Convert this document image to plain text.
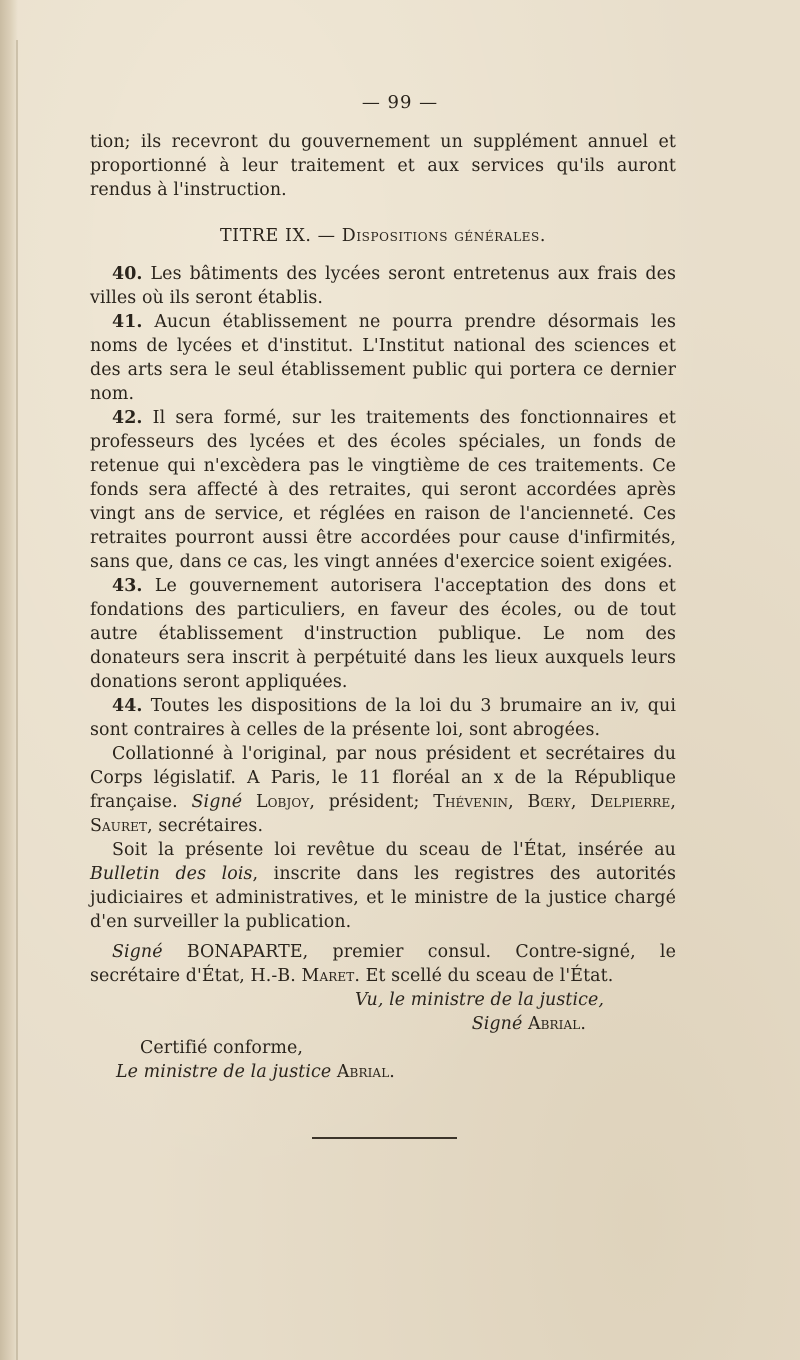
— 99 —

tion; ils recevront du gouvernement un supplément annuel et proportionné à leur traitement et aux services qu'ils auront rendus à l'instruction.

TITRE IX. — Dispositions générales.

40. Les bâtiments des lycées seront entretenus aux frais des villes où ils seront établis.

41. Aucun établissement ne pourra prendre désormais les noms de lycées et d'institut. L'Institut national des sciences et des arts sera le seul établissement public qui portera ce dernier nom.

42. Il sera formé, sur les traitements des fonctionnaires et professeurs des lycées et des écoles spéciales, un fonds de retenue qui n'excèdera pas le vingtième de ces traitements. Ce fonds sera affecté à des retraites, qui seront accordées après vingt ans de service, et réglées en raison de l'ancienneté. Ces retraites pourront aussi être accordées pour cause d'infirmités, sans que, dans ce cas, les vingt années d'exercice soient exigées.

43. Le gouvernement autorisera l'acceptation des dons et fondations des particuliers, en faveur des écoles, ou de tout autre établissement d'instruction publique. Le nom des donateurs sera inscrit à perpétuité dans les lieux auxquels leurs donations seront appliquées.

44. Toutes les dispositions de la loi du 3 brumaire an iv, qui sont contraires à celles de la présente loi, sont abrogées.

Collationné à l'original, par nous président et secrétaires du Corps législatif. A Paris, le 11 floréal an x de la République française. Signé Lobjoy, président; Thévenin, Bœry, Delpierre, Sauret, secrétaires.

Soit la présente loi revêtue du sceau de l'État, insérée au Bulletin des lois, inscrite dans les registres des autorités judiciaires et administratives, et le ministre de la justice chargé d'en surveiller la publication.

Signé BONAPARTE, premier consul. Contre-signé, le secrétaire d'État, H.-B. Maret. Et scellé du sceau de l'État.

Vu, le ministre de la justice,

Signé Abrial.

Certifié conforme,

Le ministre de la justice Abrial.
